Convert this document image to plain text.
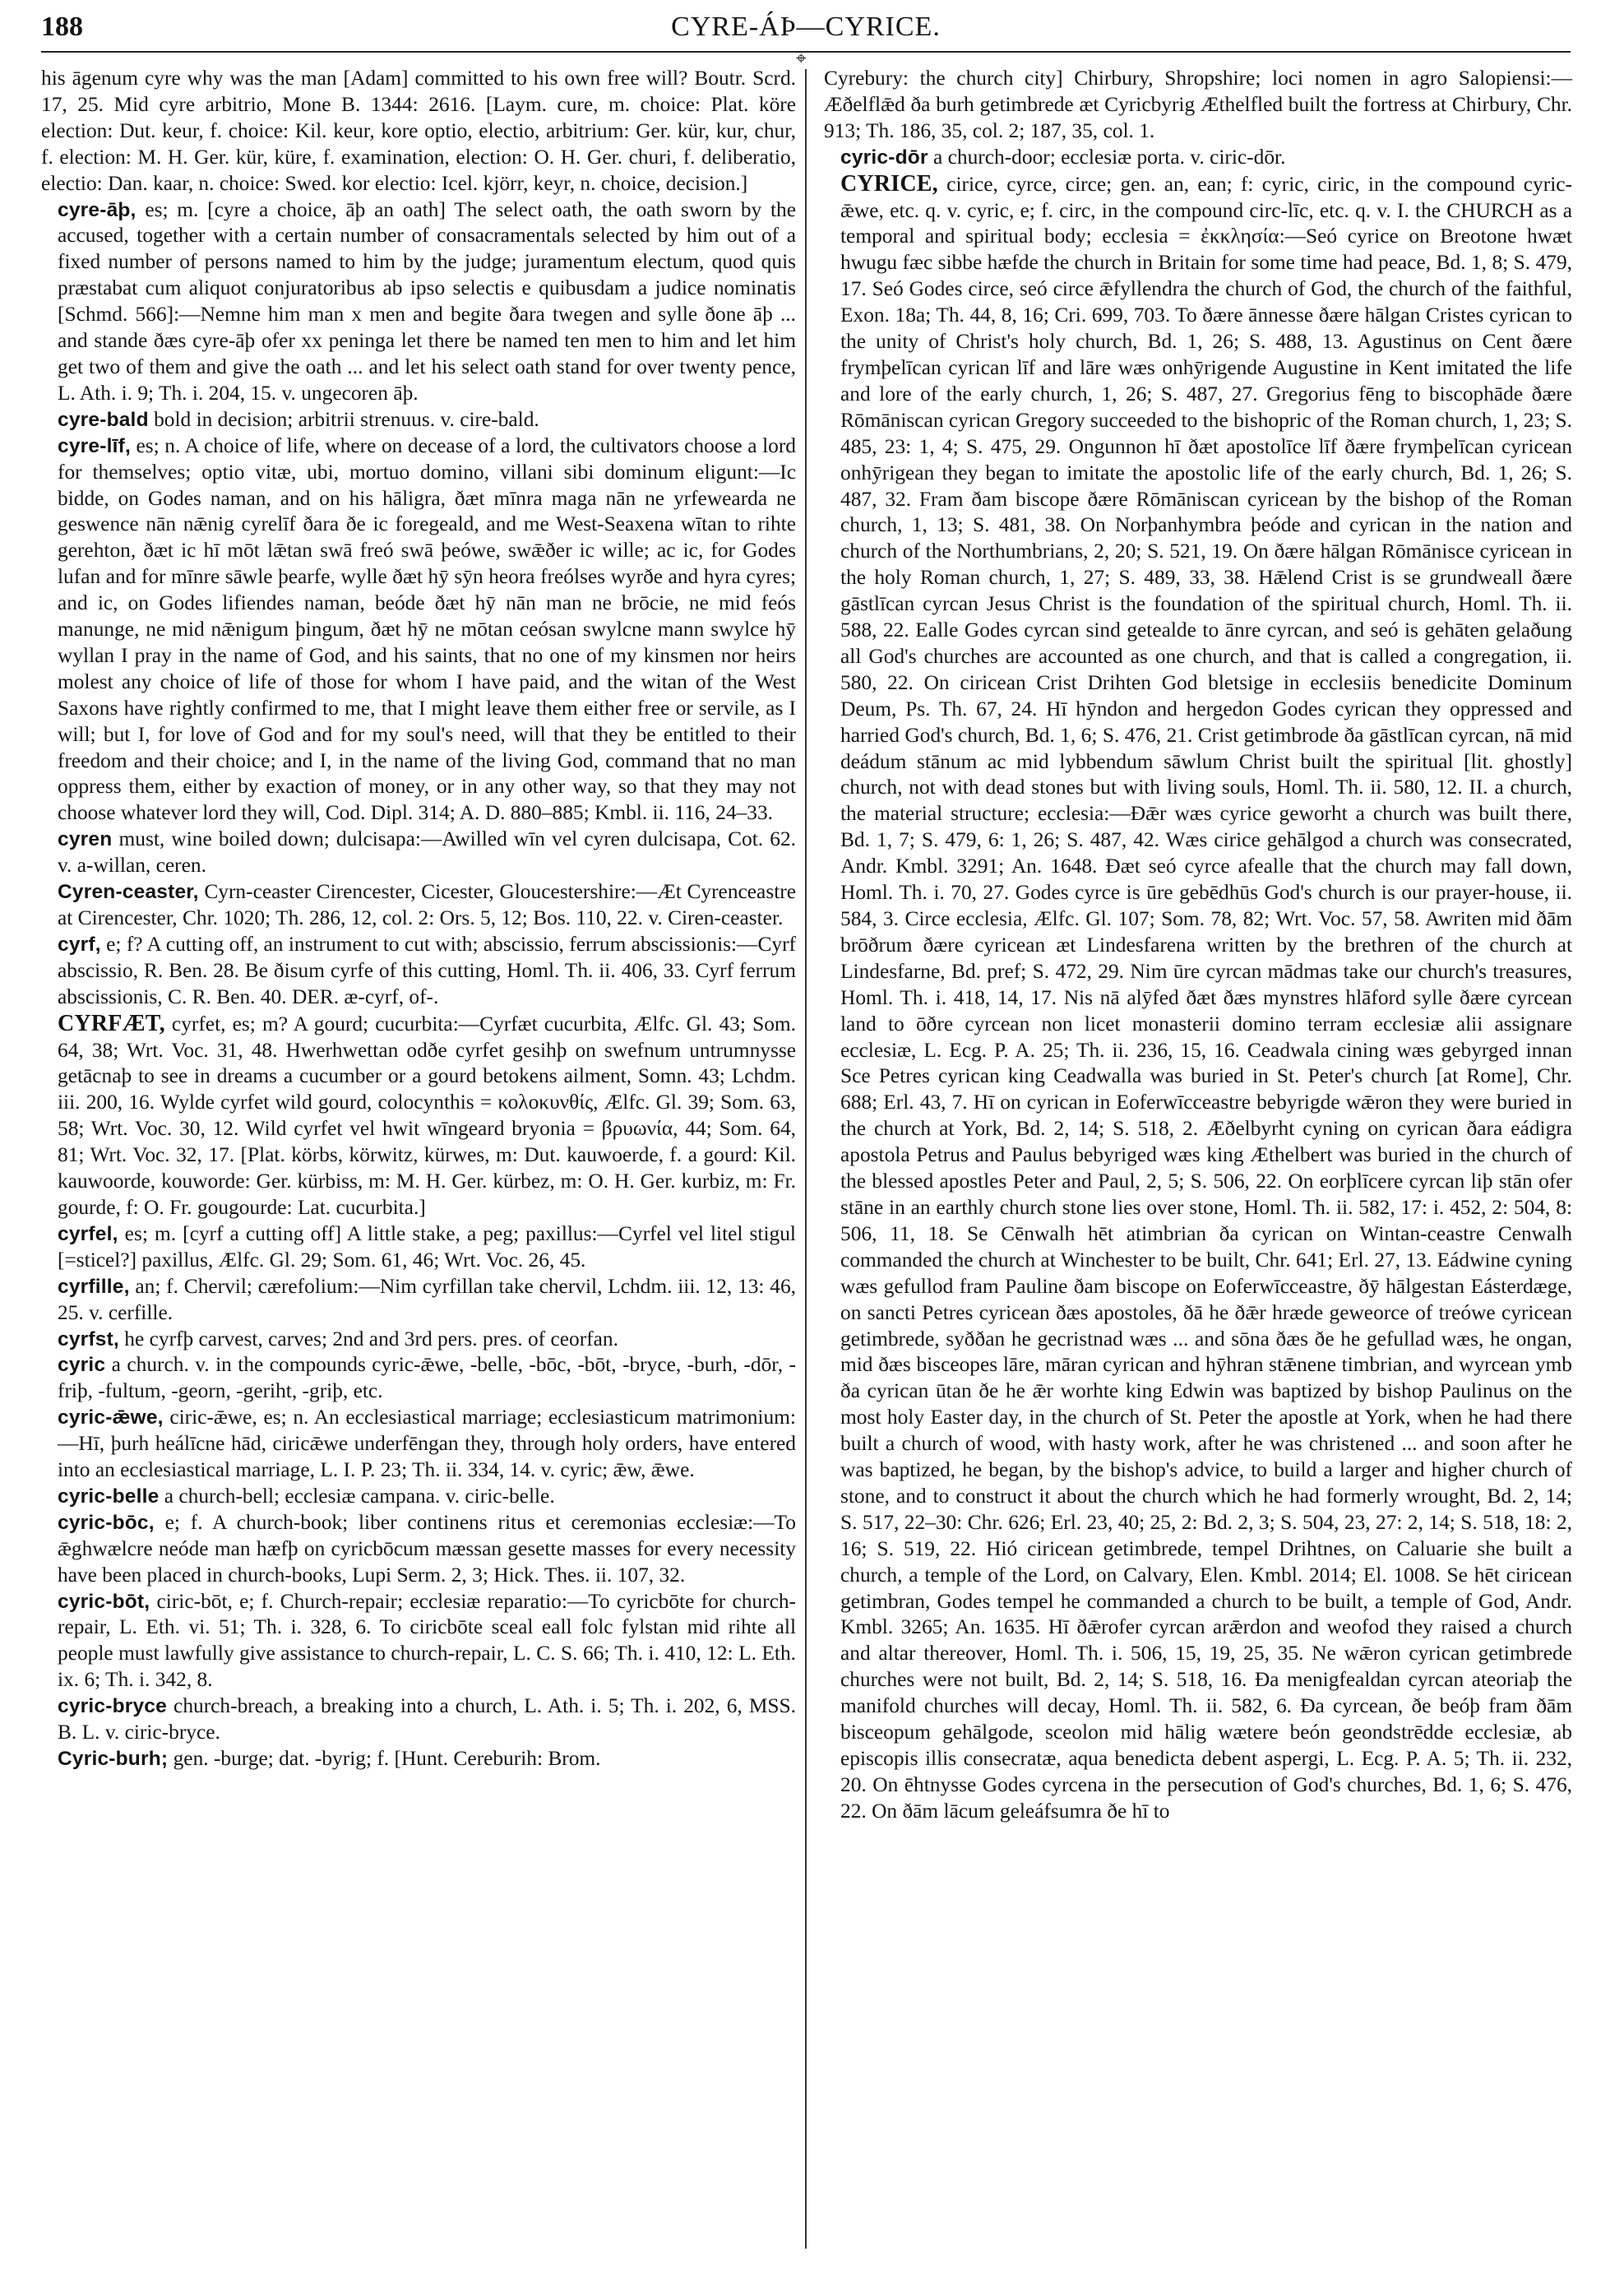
188	CYRE-ÁÞ—CYRICE.
⌖

his āgenum cyre why was the man [Adam] committed to his own free will? Boutr. Scrd. 17, 25. Mid cyre arbitrio, Mone B. 1344: 2616. [Laym. cure, m. choice: Plat. köre election: Dut. keur, f. choice: Kil. keur, kore optio, electio, arbitrium: Ger. kür, kur, chur, f. election: M. H. Ger. kür, küre, f. examination, election: O. H. Ger. churi, f. deliberatio, electio: Dan. kaar, n. choice: Swed. kor electio: Icel. kjörr, keyr, n. choice, decision.]

cyre-āþ, es; m. [cyre a choice, āþ an oath] The select oath, the oath sworn by the accused, together with a certain number of consacramentals selected by him out of a fixed number of persons named to him by the judge; juramentum electum, quod quis præstabat cum aliquot conjuratoribus ab ipso selectis e quibusdam a judice nominatis [Schmd. 566]:—Nemne him man x men and begite ðara twegen and sylle ðone āþ ... and stande ðæs cyre-āþ ofer xx peninga let there be named ten men to him and let him get two of them and give the oath ... and let his select oath stand for over twenty pence, L. Ath. i. 9; Th. i. 204, 15. v. ungecoren āþ.

cyre-bald bold in decision; arbitrii strenuus. v. cire-bald.

cyre-līf, es; n. A choice of life, where on decease of a lord, the cultivators choose a lord for themselves; optio vitæ, ubi, mortuo domino, villani sibi dominum eligunt:—Ic bidde, on Godes naman, and on his hāligra, ðæt mīnra maga nān ne yrfewearda ne geswence nān nǣnig cyrelīf ðara ðe ic foregeald, and me West-Seaxena wītan to rihte gerehton, ðæt ic hī mōt lǣtan swā freó swā þeówe, swǣðer ic wille; ac ic, for Godes lufan and for mīnre sāwle þearfe, wylle ðæt hȳ sȳn heora freólses wyrðe and hyra cyres; and ic, on Godes lifiendes naman, beóde ðæt hȳ nān man ne brōcie, ne mid feós manunge, ne mid nǣnigum þingum, ðæt hȳ ne mōtan ceósan swylcne mann swylce hȳ wyllan I pray in the name of God, and his saints, that no one of my kinsmen nor heirs molest any choice of life of those for whom I have paid, and the witan of the West Saxons have rightly confirmed to me, that I might leave them either free or servile, as I will; but I, for love of God and for my soul's need, will that they be entitled to their freedom and their choice; and I, in the name of the living God, command that no man oppress them, either by exaction of money, or in any other way, so that they may not choose whatever lord they will, Cod. Dipl. 314; A. D. 880–885; Kmbl. ii. 116, 24–33.

cyren must, wine boiled down; dulcisapa:—Awilled wīn vel cyren dulcisapa, Cot. 62. v. a-willan, ceren.

Cyren-ceaster, Cyrn-ceaster Cirencester, Cicester, Gloucestershire:—Æt Cyrenceastre at Cirencester, Chr. 1020; Th. 286, 12, col. 2: Ors. 5, 12; Bos. 110, 22. v. Ciren-ceaster.

cyrf, e; f? A cutting off, an instrument to cut with; abscissio, ferrum abscissionis:—Cyrf abscissio, R. Ben. 28. Be ðisum cyrfe of this cutting, Homl. Th. ii. 406, 33. Cyrf ferrum abscissionis, C. R. Ben. 40. DER. æ-cyrf, of-.

CYRFÆT, cyrfet, es; m? A gourd; cucurbita:—Cyrfæt cucurbita, Ælfc. Gl. 43; Som. 64, 38; Wrt. Voc. 31, 48. Hwerhwettan odðe cyrfet gesihþ on swefnum untrumnysse getācnaþ to see in dreams a cucumber or a gourd betokens ailment, Somn. 43; Lchdm. iii. 200, 16. Wylde cyrfet wild gourd, colocynthis = κολοκυνθίς, Ælfc. Gl. 39; Som. 63, 58; Wrt. Voc. 30, 12. Wild cyrfet vel hwit wīngeard bryonia = βρυωνία, 44; Som. 64, 81; Wrt. Voc. 32, 17. [Plat. körbs, körwitz, kürwes, m: Dut. kauwoerde, f. a gourd: Kil. kauwoorde, kouworde: Ger. kürbiss, m: M. H. Ger. kürbez, m: O. H. Ger. kurbiz, m: Fr. gourde, f: O. Fr. gougourde: Lat. cucurbita.]

cyrfel, es; m. [cyrf a cutting off] A little stake, a peg; paxillus:—Cyrfel vel litel stigul [=sticel?] paxillus, Ælfc. Gl. 29; Som. 61, 46; Wrt. Voc. 26, 45.

cyrfille, an; f. Chervil; cærefolium:—Nim cyrfillan take chervil, Lchdm. iii. 12, 13: 46, 25. v. cerfille.

cyrfst, he cyrfþ carvest, carves; 2nd and 3rd pers. pres. of ceorfan.

cyric a church. v. in the compounds cyric-ǣwe, -belle, -bōc, -bōt, -bryce, -burh, -dōr, -friþ, -fultum, -georn, -geriht, -griþ, etc.

cyric-ǣwe, ciric-ǣwe, es; n. An ecclesiastical marriage; ecclesiasticum matrimonium:—Hī, þurh heálīcne hād, ciricǣwe underfēngan they, through holy orders, have entered into an ecclesiastical marriage, L. I. P. 23; Th. ii. 334, 14. v. cyric; ǣw, ǣwe.

cyric-belle a church-bell; ecclesiæ campana. v. ciric-belle.

cyric-bōc, e; f. A church-book; liber continens ritus et ceremonias ecclesiæ:—To ǣghwælcre neóde man hæfþ on cyricbōcum mæssan gesette masses for every necessity have been placed in church-books, Lupi Serm. 2, 3; Hick. Thes. ii. 107, 32.

cyric-bōt, ciric-bōt, e; f. Church-repair; ecclesiæ reparatio:—To cyricbōte for church-repair, L. Eth. vi. 51; Th. i. 328, 6. To ciricbōte sceal eall folc fylstan mid rihte all people must lawfully give assistance to church-repair, L. C. S. 66; Th. i. 410, 12: L. Eth. ix. 6; Th. i. 342, 8.

cyric-bryce church-breach, a breaking into a church, L. Ath. i. 5; Th. i. 202, 6, MSS. B. L. v. ciric-bryce.

Cyric-burh; gen. -burge; dat. -byrig; f. [Hunt. Cereburih: Brom.

Cyrebury: the church city] Chirbury, Shropshire; loci nomen in agro Salopiensi:—Æðelflǣd ða burh getimbrede æt Cyricbyrig Æthelfled built the fortress at Chirbury, Chr. 913; Th. 186, 35, col. 2; 187, 35, col. 1.

cyric-dōr a church-door; ecclesiæ porta. v. ciric-dōr.

CYRICE, cirice, cyrce, circe; gen. an, ean; f: cyric, ciric, in the compound cyric-ǣwe, etc. q. v. cyric, e; f. circ, in the compound circ-līc, etc. q. v. I. the CHURCH as a temporal and spiritual body; ecclesia = ἐκκλησία:—Seó cyrice on Breotone hwæt hwugu fæc sibbe hæfde the church in Britain for some time had peace, Bd. 1, 8; S. 479, 17. Seó Godes circe, seó circe ǣfyllendra the church of God, the church of the faithful, Exon. 18a; Th. 44, 8, 16; Cri. 699, 703. To ðære ānnesse ðære hālgan Cristes cyrican to the unity of Christ's holy church, Bd. 1, 26; S. 488, 13. Agustinus on Cent ðære frymþelīcan cyrican līf and lāre wæs onhȳrigende Augustine in Kent imitated the life and lore of the early church, 1, 26; S. 487, 27. Gregorius fēng to biscophāde ðære Rōmāniscan cyrican Gregory succeeded to the bishopric of the Roman church, 1, 23; S. 485, 23: 1, 4; S. 475, 29. Ongunnon hī ðæt apostolīce līf ðære frymþelīcan cyricean onhȳrigean they began to imitate the apostolic life of the early church, Bd. 1, 26; S. 487, 32. Fram ðam biscope ðære Rōmāniscan cyricean by the bishop of the Roman church, 1, 13; S. 481, 38. On Norþanhymbra þeóde and cyrican in the nation and church of the Northumbrians, 2, 20; S. 521, 19. On ðære hālgan Rōmānisce cyricean in the holy Roman church, 1, 27; S. 489, 33, 38. Hǣlend Crist is se grundweall ðære gāstlīcan cyrcan Jesus Christ is the foundation of the spiritual church, Homl. Th. ii. 588, 22. Ealle Godes cyrcan sind getealde to ānre cyrcan, and seó is gehāten gelaðung all God's churches are accounted as one church, and that is called a congregation, ii. 580, 22. On ciricean Crist Drihten God bletsige in ecclesiis benedicite Dominum Deum, Ps. Th. 67, 24. Hī hȳndon and hergedon Godes cyrican they oppressed and harried God's church, Bd. 1, 6; S. 476, 21. Crist getimbrode ða gāstlīcan cyrcan, nā mid deádum stānum ac mid lybbendum sāwlum Christ built the spiritual [lit. ghostly] church, not with dead stones but with living souls, Homl. Th. ii. 580, 12. II. a church, the material structure; ecclesia:—Ðǣr wæs cyrice geworht a church was built there, Bd. 1, 7; S. 479, 6: 1, 26; S. 487, 42. Wæs cirice gehālgod a church was consecrated, Andr. Kmbl. 3291; An. 1648. Ðæt seó cyrce afealle that the church may fall down, Homl. Th. i. 70, 27. Godes cyrce is ūre gebēdhūs God's church is our prayer-house, ii. 584, 3. Circe ecclesia, Ælfc. Gl. 107; Som. 78, 82; Wrt. Voc. 57, 58. Awriten mid ðām brōðrum ðære cyricean æt Lindesfarena written by the brethren of the church at Lindesfarne, Bd. pref; S. 472, 29. Nim ūre cyrcan mādmas take our church's treasures, Homl. Th. i. 418, 14, 17. Nis nā alȳfed ðæt ðæs mynstres hlāford sylle ðære cyrcean land to ōðre cyrcean non licet monasterii domino terram ecclesiæ alii assignare ecclesiæ, L. Ecg. P. A. 25; Th. ii. 236, 15, 16. Ceadwala cining wæs gebyrged innan Sce Petres cyrican king Ceadwalla was buried in St. Peter's church [at Rome], Chr. 688; Erl. 43, 7. Hī on cyrican in Eoferwīcceastre bebyrigde wǣron they were buried in the church at York, Bd. 2, 14; S. 518, 2. Æðelbyrht cyning on cyrican ðara eádigra apostola Petrus and Paulus bebyriged wæs king Æthelbert was buried in the church of the blessed apostles Peter and Paul, 2, 5; S. 506, 22. On eorþlīcere cyrcan liþ stān ofer stāne in an earthly church stone lies over stone, Homl. Th. ii. 582, 17: i. 452, 2: 504, 8: 506, 11, 18. Se Cēnwalh hēt atimbrian ða cyrican on Wintan-ceastre Cenwalh commanded the church at Winchester to be built, Chr. 641; Erl. 27, 13. Eádwine cyning wæs gefullod fram Pauline ðam biscope on Eoferwīcceastre, ðȳ hālgestan Eásterdæge, on sancti Petres cyricean ðæs apostoles, ðā he ðǣr hræde geweorce of treówe cyricean getimbrede, syððan he gecristnad wæs ... and sōna ðæs ðe he gefullad wæs, he ongan, mid ðæs bisceopes lāre, māran cyrican and hȳhran stǣnene timbrian, and wyrcean ymb ða cyrican ūtan ðe he ǣr worhte king Edwin was baptized by bishop Paulinus on the most holy Easter day, in the church of St. Peter the apostle at York, when he had there built a church of wood, with hasty work, after he was christened ... and soon after he was baptized, he began, by the bishop's advice, to build a larger and higher church of stone, and to construct it about the church which he had formerly wrought, Bd. 2, 14; S. 517, 22–30: Chr. 626; Erl. 23, 40; 25, 2: Bd. 2, 3; S. 504, 23, 27: 2, 14; S. 518, 18: 2, 16; S. 519, 22. Hió ciricean getimbrede, tempel Drihtnes, on Caluarie she built a church, a temple of the Lord, on Calvary, Elen. Kmbl. 2014; El. 1008. Se hēt ciricean getimbran, Godes tempel he commanded a church to be built, a temple of God, Andr. Kmbl. 3265; An. 1635. Hī ðǣrofer cyrcan arǣrdon and weofod they raised a church and altar thereover, Homl. Th. i. 506, 15, 19, 25, 35. Ne wǣron cyrican getimbrede churches were not built, Bd. 2, 14; S. 518, 16. Ða menigfealdan cyrcan ateoriaþ the manifold churches will decay, Homl. Th. ii. 582, 6. Ða cyrcean, ðe beóþ fram ðām bisceopum gehālgode, sceolon mid hālig wætere beón geondstrēdde ecclesiæ, ab episcopis illis consecratæ, aqua benedicta debent aspergi, L. Ecg. P. A. 5; Th. ii. 232, 20. On ēhtnysse Godes cyrcena in the persecution of God's churches, Bd. 1, 6; S. 476, 22. On ðām lācum geleáfsumra ðe hī to
